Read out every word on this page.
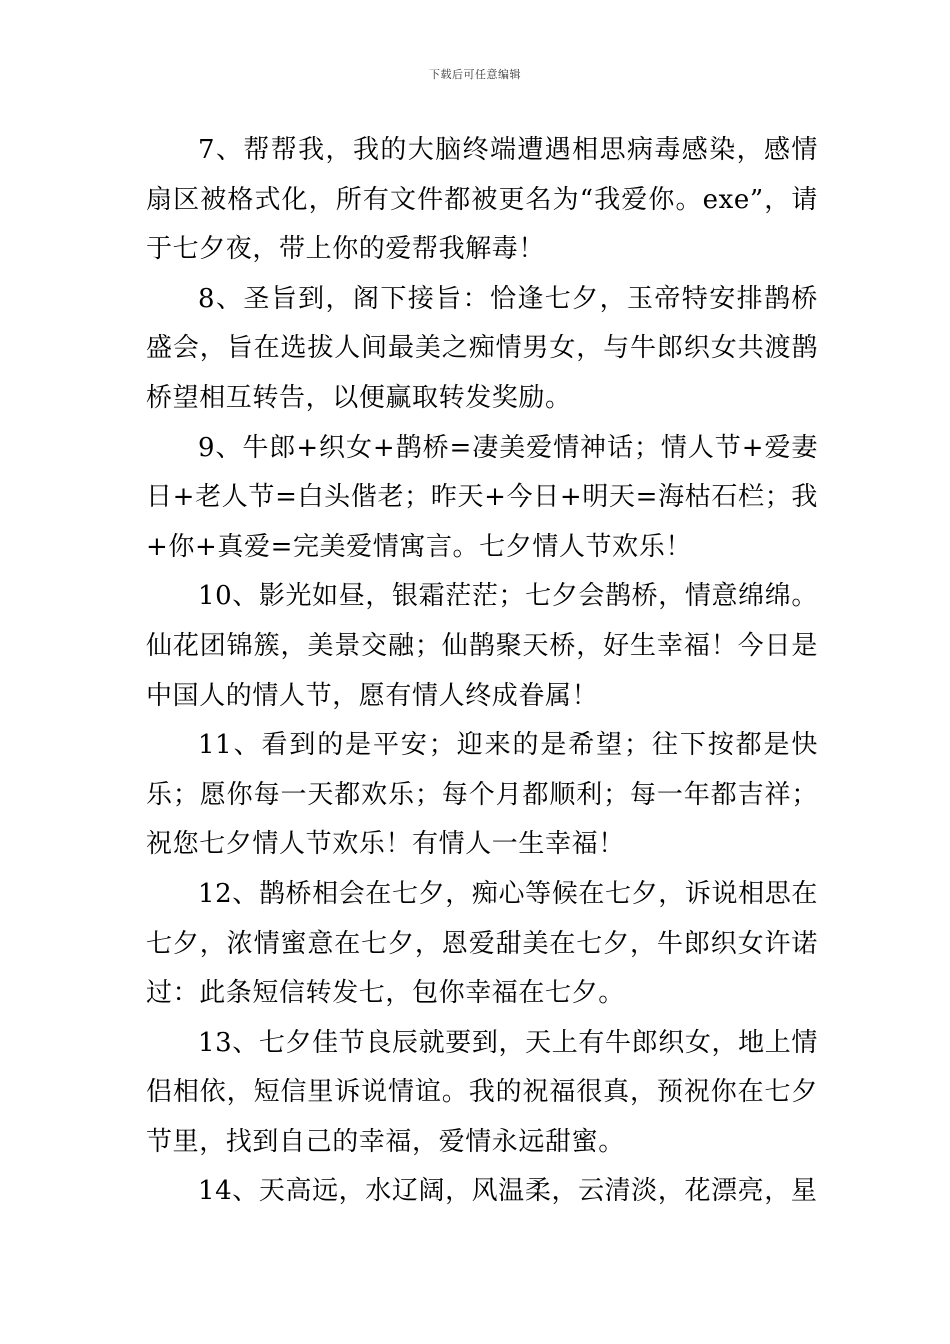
下载后可任意编辑

7、帮帮我，我的大脑终端遭遇相思病毒感染，感情扇区被格式化，所有文件都被更名为“我爱你。exe”，请于七夕夜，带上你的爱帮我解毒！

8、圣旨到，阁下接旨：恰逢七夕，玉帝特安排鹊桥盛会，旨在选拔人间最美之痴情男女，与牛郎织女共渡鹊桥望相互转告，以便赢取转发奖励。

9、牛郎+织女+鹊桥=凄美爱情神话；情人节+爱妻日+老人节=白头偕老；昨天+今日+明天=海枯石栏；我+你+真爱=完美爱情寓言。七夕情人节欢乐！

10、影光如昼，银霜茫茫；七夕会鹊桥，情意绵绵。仙花团锦簇，美景交融；仙鹊聚天桥，好生幸福！今日是中国人的情人节，愿有情人终成眷属！

11、看到的是平安；迎来的是希望；往下按都是快乐；愿你每一天都欢乐；每个月都顺利；每一年都吉祥；祝您七夕情人节欢乐！有情人一生幸福！

12、鹊桥相会在七夕，痴心等候在七夕，诉说相思在七夕，浓情蜜意在七夕，恩爱甜美在七夕，牛郎织女许诺过：此条短信转发七，包你幸福在七夕。

13、七夕佳节良辰就要到，天上有牛郎织女，地上情侣相依，短信里诉说情谊。我的祝福很真，预祝你在七夕节里，找到自己的幸福，爱情永远甜蜜。

14、天高远，水辽阔，风温柔，云清淡，花漂亮，星
